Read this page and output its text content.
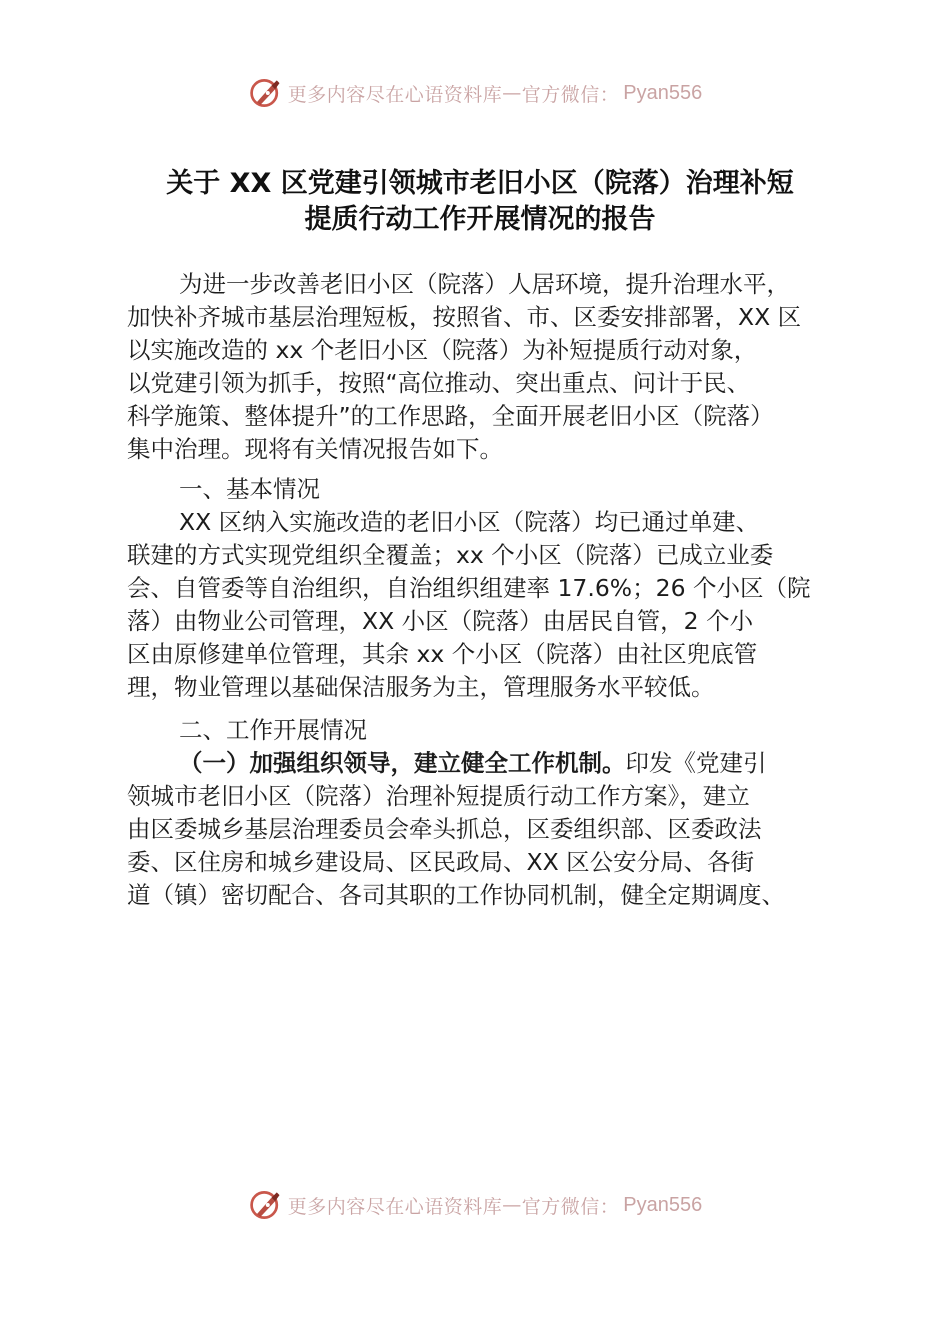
更多内容尽在心语资料库 — 官方微信： Pyan556
关于 XX 区党建引领城市老旧小区（院落）治理补短
提质行动工作开展情况的报告
为进一步改善老旧小区（院落）人居环境，提升治理水平，
加快补齐城市基层治理短板，按照省、市、区委安排部署，XX 区
以实施改造的 xx 个老旧小区（院落）为补短提质行动对象，
以党建引领为抓手，按照“高位推动、突出重点、问计于民、
科学施策、整体提升”的工作思路，全面开展老旧小区（院落）
集中治理。现将有关情况报告如下。
一、基本情况
XX 区纳入实施改造的老旧小区（院落）均已通过单建、
联建的方式实现党组织全覆盖；xx 个小区（院落）已成立业委
会、自管委等自治组织，自治组织组建率 17.6%；26 个小区（院
落）由物业公司管理，XX 小区（院落）由居民自管，2 个小
区由原修建单位管理，其余 xx 个小区（院落）由社区兜底管
理，物业管理以基础保洁服务为主，管理服务水平较低。
二、工作开展情况
（一）加强组织领导，建立健全工作机制。印发《党建引
领城市老旧小区（院落）治理补短提质行动工作方案》，建立
由区委城乡基层治理委员会牵头抓总，区委组织部、区委政法
委、区住房和城乡建设局、区民政局、XX 区公安分局、各街
道（镇）密切配合、各司其职的工作协同机制，健全定期调度、
更多内容尽在心语资料库 — 官方微信： Pyan556
